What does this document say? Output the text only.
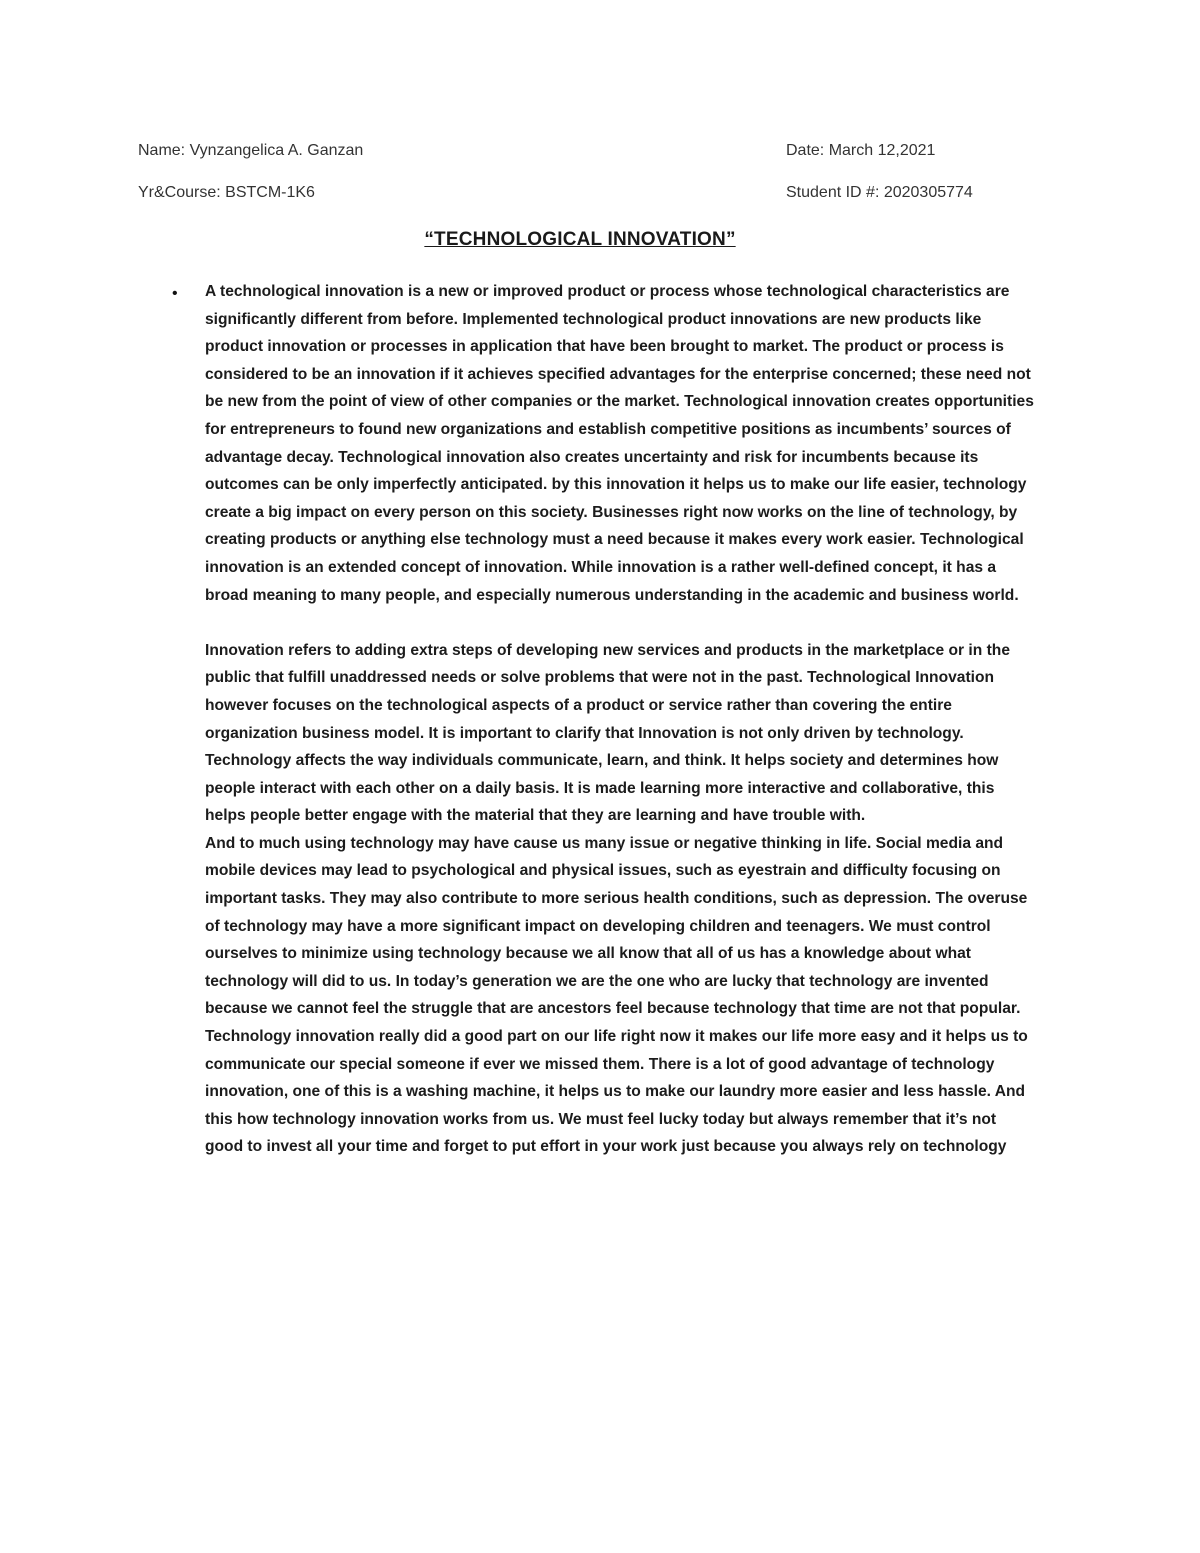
Name: Vynzangelica A. Ganzan	Date: March 12,2021
Yr&Course: BSTCM-1K6	Student ID #: 2020305774
“TECHNOLOGICAL INNOVATION”
• A technological innovation is a new or improved product or process whose technological characteristics are significantly different from before. Implemented technological product innovations are new products like product innovation or processes in application that have been brought to market. The product or process is considered to be an innovation if it achieves specified advantages for the enterprise concerned; these need not be new from the point of view of other companies or the market. Technological innovation creates opportunities for entrepreneurs to found new organizations and establish competitive positions as incumbents’ sources of advantage decay. Technological innovation also creates uncertainty and risk for incumbents because its outcomes can be only imperfectly anticipated. by this innovation it helps us to make our life easier, technology create a big impact on every person on this society. Businesses right now works on the line of technology, by creating products or anything else technology must a need because it makes every work easier. Technological innovation is an extended concept of innovation. While innovation is a rather well-defined concept, it has a broad meaning to many people, and especially numerous understanding in the academic and business world.

Innovation refers to adding extra steps of developing new services and products in the marketplace or in the public that fulfill unaddressed needs or solve problems that were not in the past. Technological Innovation however focuses on the technological aspects of a product or service rather than covering the entire organization business model. It is important to clarify that Innovation is not only driven by technology. Technology affects the way individuals communicate, learn, and think. It helps society and determines how people interact with each other on a daily basis. It is made learning more interactive and collaborative, this helps people better engage with the material that they are learning and have trouble with.

And to much using technology may have cause us many issue or negative thinking in life. Social media and mobile devices may lead to psychological and physical issues, such as eyestrain and difficulty focusing on important tasks. They may also contribute to more serious health conditions, such as depression. The overuse of technology may have a more significant impact on developing children and teenagers. We must control ourselves to minimize using technology because we all know that all of us has a knowledge about what technology will did to us. In today’s generation we are the one who are lucky that technology are invented because we cannot feel the struggle that are ancestors feel because technology that time are not that popular. Technology innovation really did a good part on our life right now it makes our life more easy and it helps us to communicate our special someone if ever we missed them. There is a lot of good advantage of technology innovation, one of this is a washing machine, it helps us to make our laundry more easier and less hassle. And this how technology innovation works from us. We must feel lucky today but always remember that it’s not good to invest all your time and forget to put effort in your work just because you always rely on technology
